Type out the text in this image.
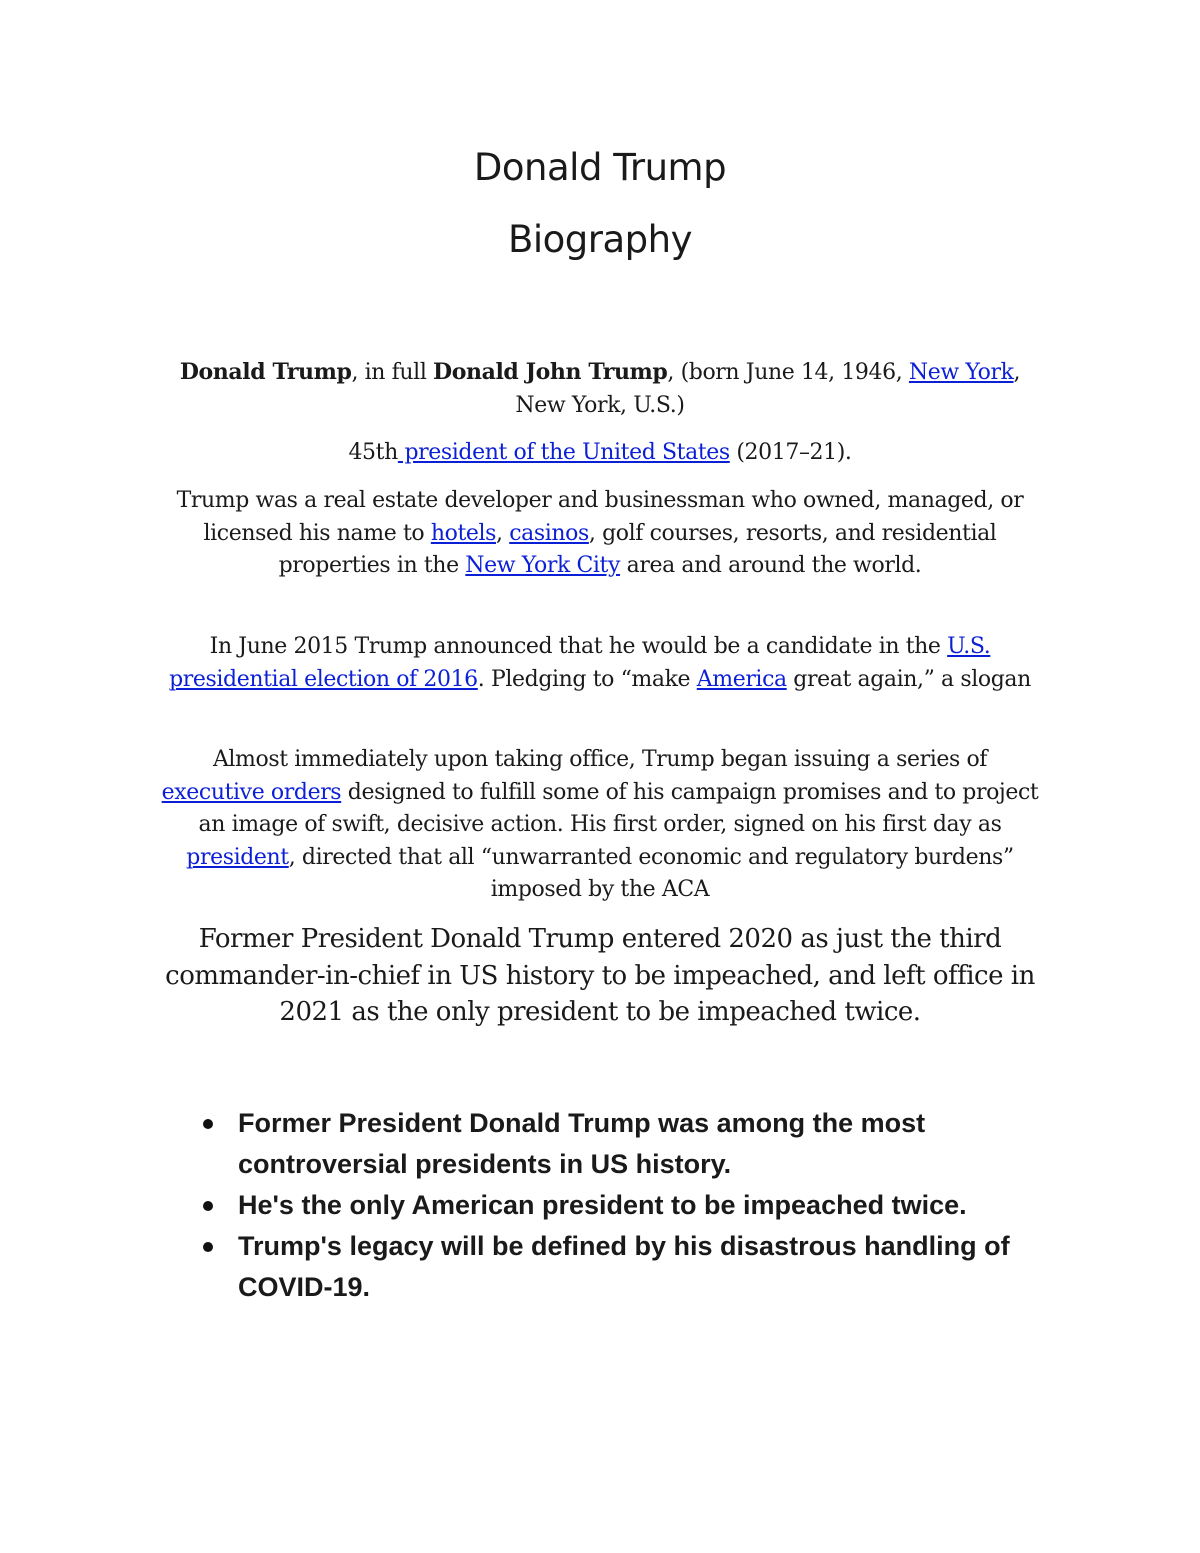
Donald Trump
Biography

Donald Trump, in full Donald John Trump, (born June 14, 1946, New York, New York, U.S.)

45th president of the United States (2017–21).

Trump was a real estate developer and businessman who owned, managed, or licensed his name to hotels, casinos, golf courses, resorts, and residential properties in the New York City area and around the world.

In June 2015 Trump announced that he would be a candidate in the U.S. presidential election of 2016. Pledging to “make America great again,” a slogan

Almost immediately upon taking office, Trump began issuing a series of executive orders designed to fulfill some of his campaign promises and to project an image of swift, decisive action. His first order, signed on his first day as president, directed that all “unwarranted economic and regulatory burdens” imposed by the ACA

Former President Donald Trump entered 2020 as just the third commander-in-chief in US history to be impeached, and left office in 2021 as the only president to be impeached twice.

Former President Donald Trump was among the most controversial presidents in US history.
He's the only American president to be impeached twice.
Trump's legacy will be defined by his disastrous handling of COVID-19.
